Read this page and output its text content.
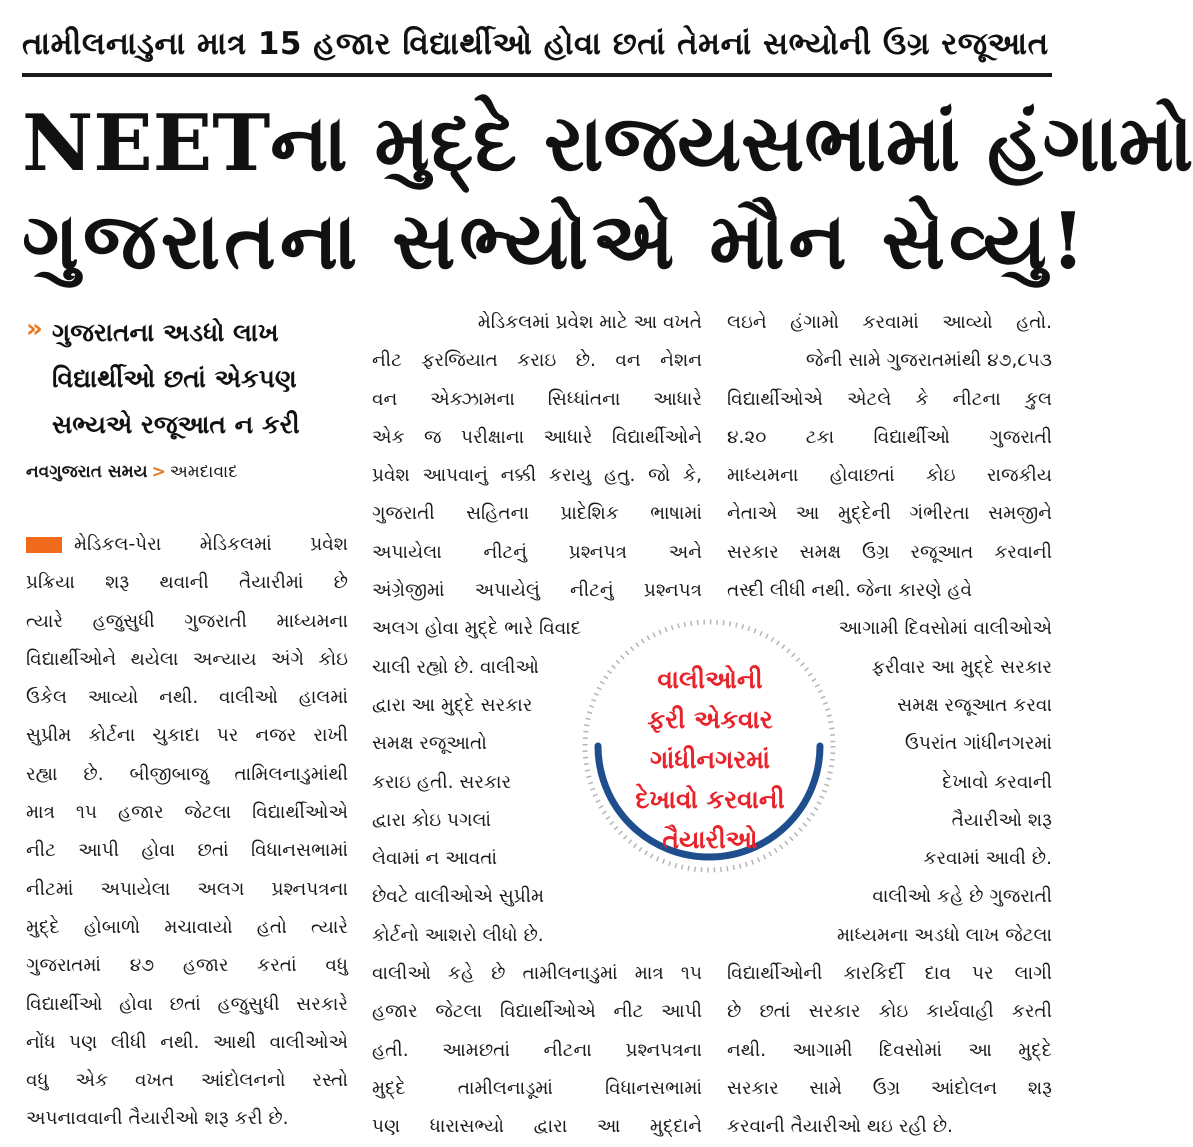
તામીલનાડુના માત્ર 15 હજાર વિદ્યાર્થીઓ હોવા છતાં તેમનાં સભ્યોની ઉગ્ર રજૂઆત
NEETના મુદ્દે રાજયસભામાં હંગામો
ગુજરાતના સભ્યોએ મૌન સેવ્યુ!
» ગુજરાતના અડધો લાખ
વિદ્યાર્થીઓ છતાં એકપણ
સભ્યએ રજૂઆત ન કરી
નવગુજરાત સમય > અમદાવાદ
મેડિકલ-પેરા મેડિકલમાં પ્રવેશ
પ્રક્રિયા શરૂ થવાની તૈયારીમાં છે
ત્યારે હજુસુધી ગુજરાતી માધ્યમના
વિદ્યાર્થીઓને થયેલા અન્યાય અંગે કોઇ
ઉકેલ આવ્યો નથી. વાલીઓ હાલમાં
સુપ્રીમ કોર્ટના ચુકાદા પર નજર રાખી
રહ્યા છે. બીજીબાજુ તામિલનાડુમાંથી
માત્ર ૧૫ હજાર જેટલા વિદ્યાર્થીઓએ
નીટ આપી હોવા છતાં વિધાનસભામાં
નીટમાં અપાયેલા અલગ પ્રશ્નપત્રના
મુદ્દે હોબાળો મચાવાયો હતો ત્યારે
ગુજરાતમાં ૪૭ હજાર કરતાં વધુ
વિદ્યાર્થીઓ હોવા છતાં હજુસુધી સરકારે
નોંધ પણ લીધી નથી. આથી વાલીઓએ
વધુ એક વખત આંદોલનનો રસ્તો
અપનાવવાની તૈયારીઓ શરૂ કરી છે.
મેડિકલમાં પ્રવેશ માટે આ વખતે
નીટ ફરજિયાત કરાઇ છે. વન નેશન
વન એક્ઝામના સિધ્ધાંતના આધારે
એક જ પરીક્ષાના આધારે વિદ્યાર્થીઓને
પ્રવેશ આપવાનું નક્કી કરાયુ હતુ. જો કે,
ગુજરાતી સહિતના પ્રાદેશિક ભાષામાં
અપાયેલા નીટનું પ્રશ્નપત્ર અને
અંગ્રેજીમાં અપાયેલું નીટનું પ્રશ્નપત્ર
અલગ હોવા મુદ્દે ભારે વિવાદ
ચાલી રહ્યો છે. વાલીઓ
દ્વારા આ મુદ્દે સરકાર
સમક્ષ રજૂઆતો
કરાઇ હતી. સરકાર
દ્વારા કોઇ પગલાં
લેવામાં ન આવતાં
છેવટે વાલીઓએ સુપ્રીમ
કોર્ટનો આશરો લીધો છે.
વાલીઓ કહે છે તામીલનાડુમાં માત્ર ૧૫
હજાર જેટલા વિદ્યાર્થીઓએ નીટ આપી
હતી. આમછતાં નીટના પ્રશ્નપત્રના
મુદ્દે તામીલનાડૂમાં વિધાનસભામાં
પણ ધારાસભ્યો દ્વારા આ મુદ્દાને
લઇને હંગામો કરવામાં આવ્યો હતો.
જેની સામે ગુજરાતમાંથી ૪૭,૮૫૩
વિદ્યાર્થીઓએ એટલે કે નીટના કુલ
૪.૨૦ ટકા વિદ્યાર્થીઓ ગુજરાતી
માધ્યમના હોવાછતાં કોઇ રાજકીય
નેતાએ આ મુદ્દેની ગંભીરતા સમજીને
સરકાર સમક્ષ ઉગ્ર રજૂઆત કરવાની
તસ્દી લીધી નથી. જેના કારણે હવે
આગામી દિવસોમાં વાલીઓએ
ફરીવાર આ મુદ્દે સરકાર
સમક્ષ રજૂઆત કરવા
ઉપરાંત ગાંધીનગરમાં
દેખાવો કરવાની
તૈયારીઓ શરૂ
કરવામાં આવી છે.
વાલીઓ કહે છે ગુજરાતી
માધ્યમના અડધો લાખ જેટલા
વિદ્યાર્થીઓની કારકિર્દી દાવ પર લાગી
છે છતાં સરકાર કોઇ કાર્યવાહી કરતી
નથી. આગામી દિવસોમાં આ મુદ્દે
સરકાર સામે ઉગ્ર આંદોલન શરૂ
કરવાની તૈયારીઓ થઇ રહી છે.
વાલીઓની
ફરી એકવાર
ગાંધીનગરમાં
દેખાવો કરવાની
તૈયારીઓ
